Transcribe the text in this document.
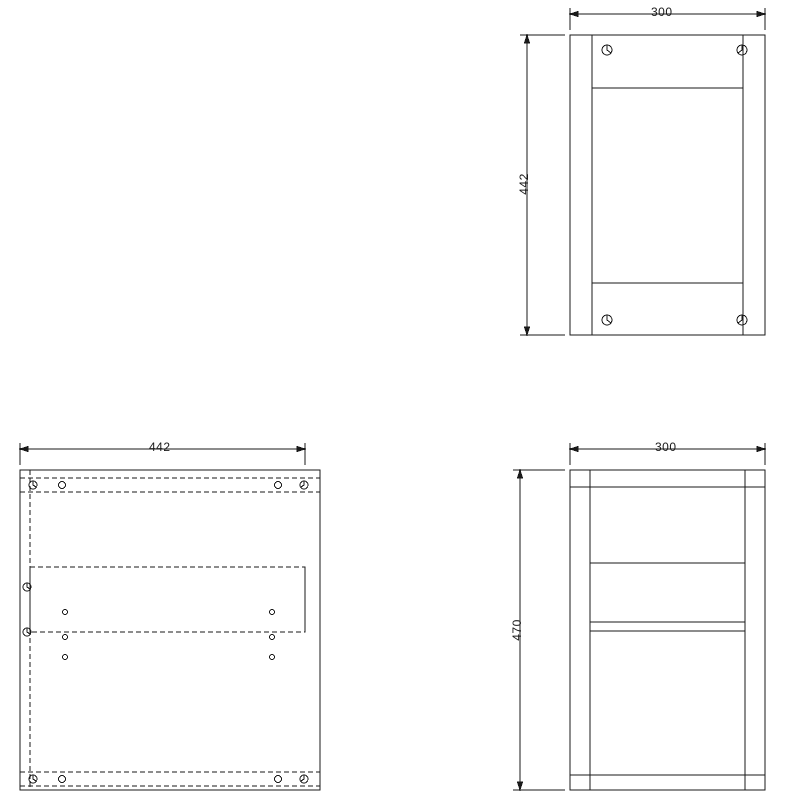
300
442
442	300
470
